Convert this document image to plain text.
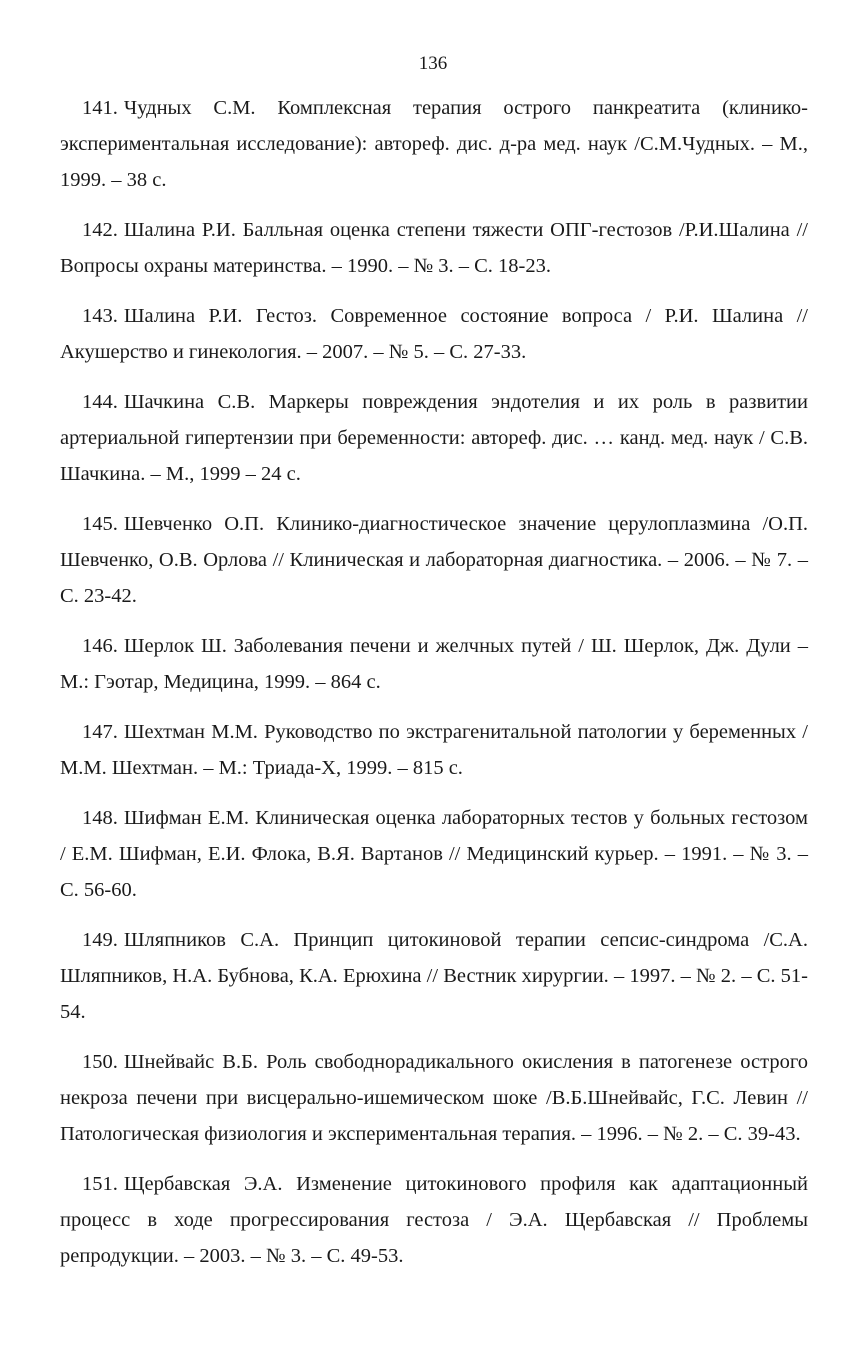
136

141. Чудных С.М. Комплексная терапия острого панкреатита (клинико-экспериментальная исследование): автореф. дис. д-ра мед. наук /С.М.Чудных. – М., 1999. – 38 с.

142. Шалина Р.И. Балльная оценка степени тяжести ОПГ-гестозов /Р.И.Шалина // Вопросы охраны материнства. – 1990. – № 3. – С. 18-23.

143. Шалина Р.И. Гестоз. Современное состояние вопроса / Р.И. Шалина // Акушерство и гинекология. – 2007. – № 5. – С. 27-33.

144. Шачкина С.В. Маркеры повреждения эндотелия и их роль в развитии артериальной гипертензии при беременности: автореф. дис. … канд. мед. наук / С.В. Шачкина. – М., 1999 – 24 с.

145. Шевченко О.П. Клинико-диагностическое значение церулоплазмина /О.П. Шевченко, О.В. Орлова // Клиническая и лабораторная диагностика. – 2006. – № 7. – С. 23-42.

146. Шерлок Ш. Заболевания печени и желчных путей / Ш. Шерлок, Дж. Дули – М.: Гэотар, Медицина, 1999. – 864 с.

147. Шехтман М.М. Руководство по экстрагенитальной патологии у беременных / М.М. Шехтман. – М.: Триада-Х, 1999. – 815 с.

148. Шифман Е.М. Клиническая оценка лабораторных тестов у больных гестозом / Е.М. Шифман, Е.И. Флока, В.Я. Вартанов // Медицинский курьер. – 1991. – № 3. – С. 56-60.

149. Шляпников С.А. Принцип цитокиновой терапии сепсис-синдрома /С.А. Шляпников, Н.А. Бубнова, К.А. Ерюхина // Вестник хирургии. – 1997. – № 2. – С. 51-54.

150. Шнейвайс В.Б. Роль свободнорадикального окисления в патогенезе острого некроза печени при висцерально-ишемическом шоке /В.Б.Шнейвайс, Г.С. Левин // Патологическая физиология и экспериментальная терапия. – 1996. – № 2. – С. 39-43.

151. Щербавская Э.А. Изменение цитокинового профиля как адаптационный процесс в ходе прогрессирования гестоза / Э.А. Щербавская // Проблемы репродукции. – 2003. – № 3. – С. 49-53.
